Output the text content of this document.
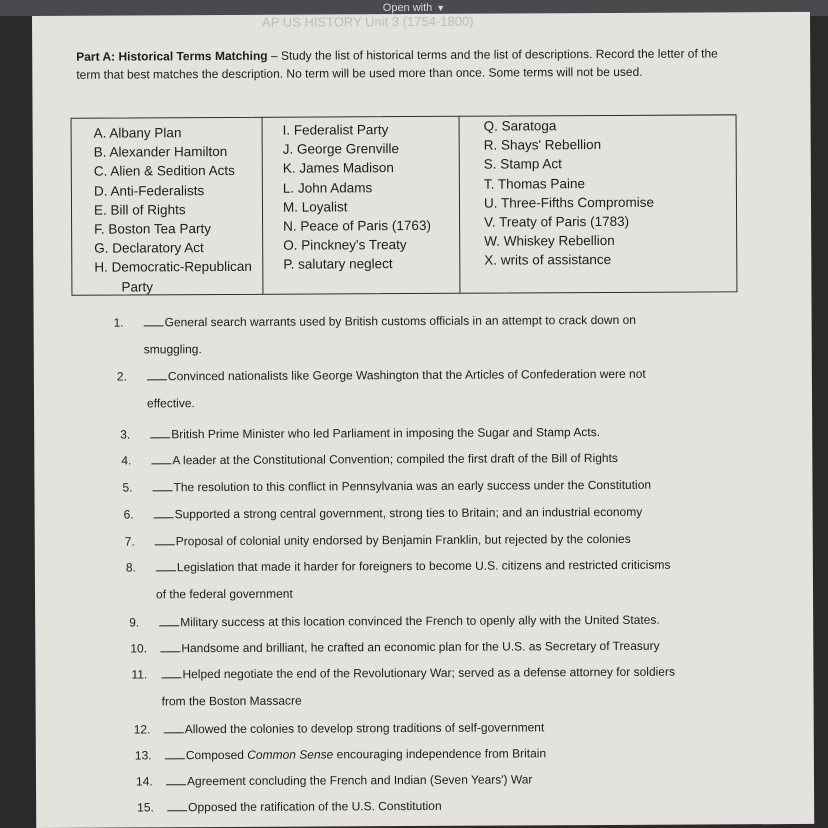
Open with ▼
AP US HISTORY Unit 3 (1754-1800)
Part A: Historical Terms Matching – Study the list of historical terms and the list of descriptions. Record the letter of the term that best matches the description. No term will be used more than once. Some terms will not be used.
A. Albany Plan
B. Alexander Hamilton
C. Alien & Sedition Acts
D. Anti-Federalists
E. Bill of Rights
F. Boston Tea Party
G. Declaratory Act
H. Democratic-Republican
Party
I. Federalist Party
J. George Grenville
K. James Madison
L. John Adams
M. Loyalist
N. Peace of Paris (1763)
O. Pinckney's Treaty
P. salutary neglect
Q. Saratoga
R. Shays' Rebellion
S. Stamp Act
T. Thomas Paine
U. Three-Fifths Compromise
V. Treaty of Paris (1783)
W. Whiskey Rebellion
X. writs of assistance
1.	General search warrants used by British customs officials in an attempt to crack down on
smuggling.
2.	Convinced nationalists like George Washington that the Articles of Confederation were not
effective.
3.	British Prime Minister who led Parliament in imposing the Sugar and Stamp Acts.
4.	A leader at the Constitutional Convention; compiled the first draft of the Bill of Rights
5.	The resolution to this conflict in Pennsylvania was an early success under the Constitution
6.	Supported a strong central government, strong ties to Britain; and an industrial economy
7.	Proposal of colonial unity endorsed by Benjamin Franklin, but rejected by the colonies
8.	Legislation that made it harder for foreigners to become U.S. citizens and restricted criticisms
of the federal government
9.	Military success at this location convinced the French to openly ally with the United States.
10.	Handsome and brilliant, he crafted an economic plan for the U.S. as Secretary of Treasury
11.	Helped negotiate the end of the Revolutionary War; served as a defense attorney for soldiers
from the Boston Massacre
12.	Allowed the colonies to develop strong traditions of self-government
13.	Composed Common Sense encouraging independence from Britain
14.	Agreement concluding the French and Indian (Seven Years') War
15.	Opposed the ratification of the U.S. Constitution
